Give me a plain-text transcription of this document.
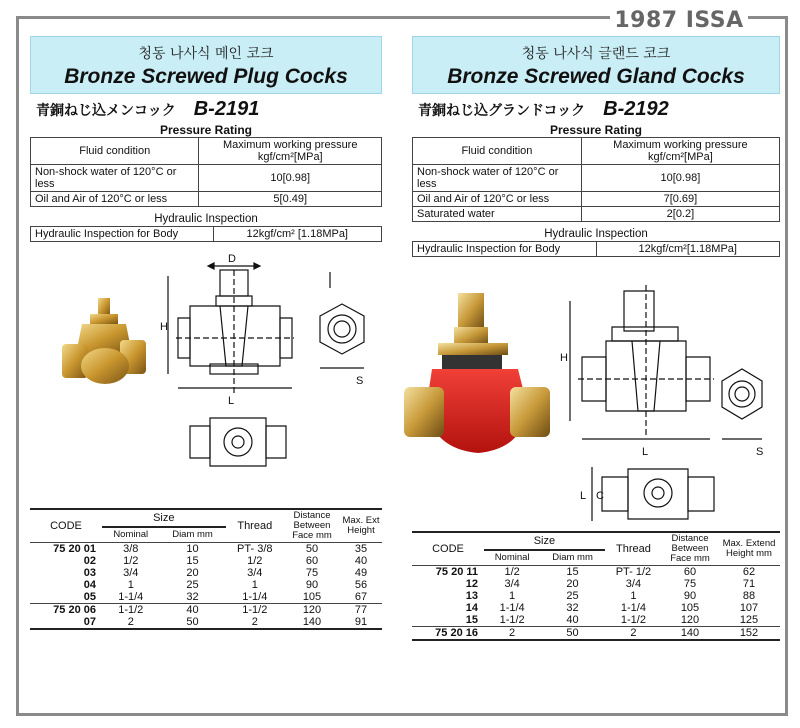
1987 ISSA
청동 나사식 메인 코크
Bronze Screwed Plug Cocks
青銅ねじ込メンコック B-2191
Pressure Rating
Fluid condition	Maximum working pressure
kgf/cm²[MPa]

Non-shock water of 120°C or less	10[0.98]
Oil and Air of 120°C or less	5[0.49]
Hydraulic Inspection
Hydraulic Inspection for Body	12kgf/cm² [1.18MPa]
D
H
L
S
CODE	Size		Thread	Distance Between Face mm	Max. Ext Height
	Nominal	Diam mm			
75 20 01	3/8	10	PT- 3/8	50	35
02	1/2	15	1/2	60	40
03	3/4	20	3/4	75	49
04	1	25	1	90	56
05	1-1/4	32	1-1/4	105	67
75 20 06	1-1/2	40	1-1/2	120	77
07	2	50	2	140	91
청동 나사식 글랜드 코크
Bronze Screwed Gland Cocks
青銅ねじ込グランドコック B-2192
Pressure Rating
Fluid condition	Maximum working pressure
kgf/cm²[MPa]

Non-shock water of 120°C or less	10[0.98]
Oil and Air of 120°C or less	7[0.69]
Saturated water	2[0.2]
Hydraulic Inspection
Hydraulic Inspection for Body	12kgf/cm²[1.18MPa]
H
L	S
L C
CODE	Size		Thread	Distance Between Face mm	Max. Extend Height mm
	Nominal	Diam mm			
75 20 11	1/2	15	PT- 1/2	60	62
12	3/4	20	3/4	75	71
13	1	25	1	90	88
14	1-1/4	32	1-1/4	105	107
15	1-1/2	40	1-1/2	120	125
75 20 16	2	50	2	140	152
